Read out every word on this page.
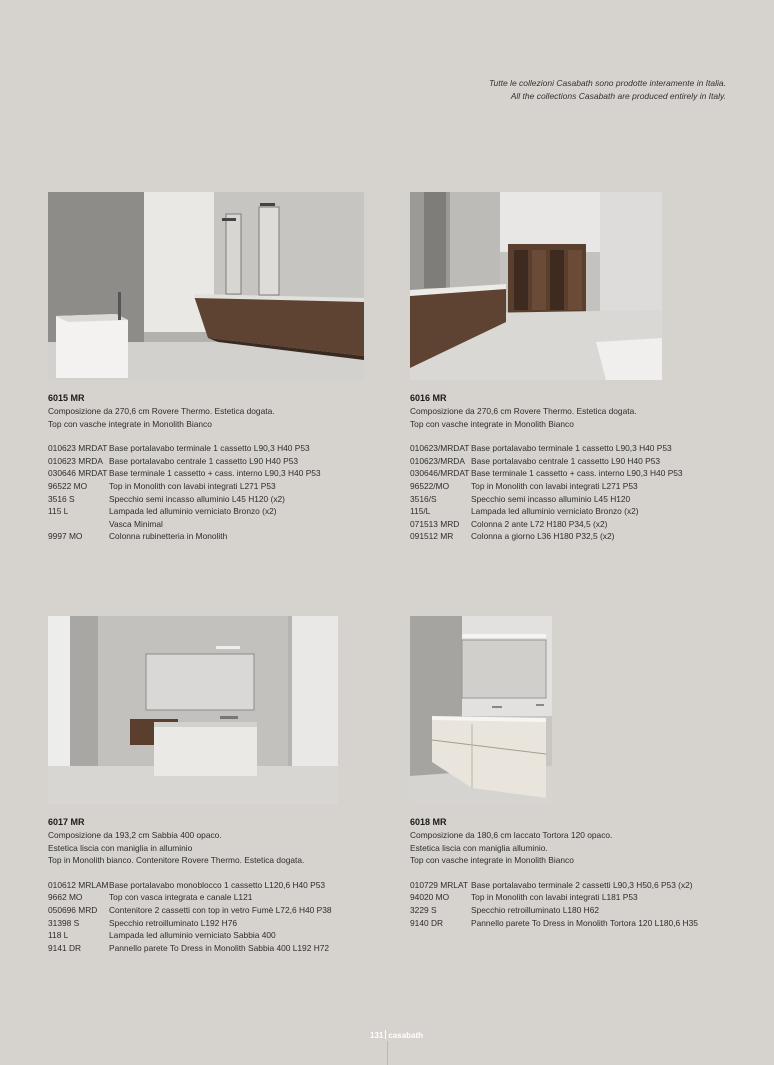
Tutte le collezioni Casabath sono prodotte interamente in Italia.
All the collections Casabath are produced entirely in Italy.
6015 MR
Composizione da 270,6 cm Rovere Thermo. Estetica dogata.
Top con vasche integrate in Monolith Bianco
010623 MRDAT Base portalavabo terminale 1 cassetto L90,3 H40 P53
010623 MRDA Base portalavabo centrale 1 cassetto L90 H40 P53
030646 MRDAT Base terminale 1 cassetto + cass. interno L90,3 H40 P53
96522 MO	Top in Monolith con lavabi integrati L271 P53
3516 S	Specchio semi incasso alluminio L45 H120 (x2)
115 L	Lampada led alluminio verniciato Bronzo (x2)
Vasca Minimal
9997 MO	Colonna rubinetteria in Monolith
6016 MR
Composizione da 270,6 cm Rovere Thermo. Estetica dogata.
Top con vasche integrate in Monolith Bianco
010623/MRDAT Base portalavabo terminale 1 cassetto L90,3 H40 P53
010623/MRDA Base portalavabo centrale 1 cassetto L90 H40 P53
030646/MRDAT Base terminale 1 cassetto + cass. interno L90,3 H40 P53
96522/MO	Top in Monolith con lavabi integrati L271 P53
3516/S	Specchio semi incasso alluminio L45 H120
115/L	Lampada led alluminio verniciato Bronzo (x2)
071513 MRD	Colonna 2 ante L72 H180 P34,5 (x2)
091512 MR	Colonna a giorno L36 H180 P32,5 (x2)
6017 MR
Composizione da 193,2 cm Sabbia 400 opaco.
Estetica liscia con maniglia in alluminio
Top in Monolith bianco. Contenitore Rovere Thermo. Estetica dogata.
010612 MRLAM Base portalavabo monoblocco 1 cassetto L120,6 H40 P53
9662 MO	Top con vasca integrata e canale L121
050696 MRD	Contenitore 2 cassetti con top in vetro Fumè L72,6 H40 P38
31398 S	Specchio retroilluminato L192 H76
118 L	Lampada led alluminio verniciato Sabbia 400
9141 DR	Pannello parete To Dress in Monolith Sabbia 400 L192 H72
6018 MR
Composizione da 180,6 cm laccato Tortora 120 opaco.
Estetica liscia con maniglia alluminio.
Top con vasche integrate in Monolith Bianco
010729 MRLAT Base portalavabo terminale 2 cassetti L90,3 H50,6 P53 (x2)
94020 MO	Top in Monolith con lavabi integrati L181 P53
3229 S	Specchio retroilluminato L180 H62
9140 DR	Pannello parete To Dress in Monolith Tortora 120 L180,6 H35
131 casabath
